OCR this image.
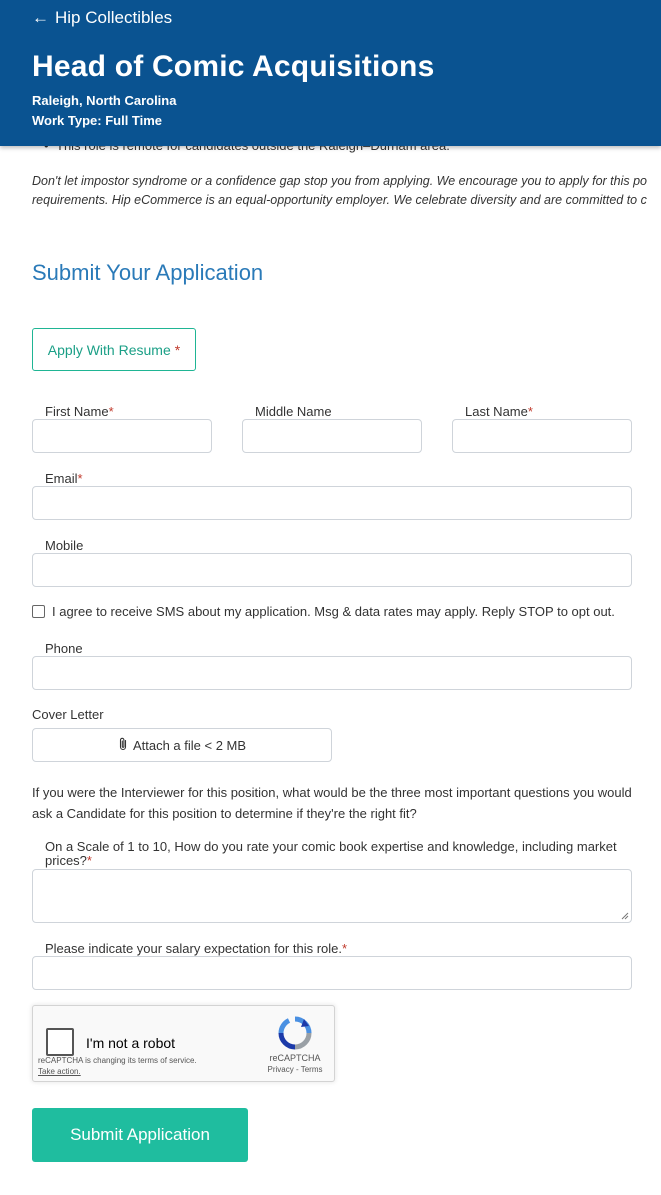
•
Don't let impostor syndrome or a confidence gap stop you from applying. We encourage you to apply for this po
requirements. Hip eCommerce is an equal-opportunity employer. We celebrate diversity and are committed to c
← Hip Collectibles
Head of Comic Acquisitions
Raleigh, North Carolina
Work Type: Full Time
Submit Your Application
Apply With Resume *
First Name*	Middle Name	Last Name*
Email*
Mobile
I agree to receive SMS about my application. Msg & data rates may apply. Reply STOP to opt out.
Phone
Cover Letter
Attach a file < 2 MB
If you were the Interviewer for this position, what would be the three most important questions you would ask a Candidate for this position to determine if they're the right fit?
On a Scale of 1 to 10, How do you rate your comic book expertise and knowledge, including market prices?*
Please indicate your salary expectation for this role.*
I'm not a robot
reCAPTCHA is changing its terms of service.
Take action.
reCAPTCHA
Privacy - Terms
Submit Application
